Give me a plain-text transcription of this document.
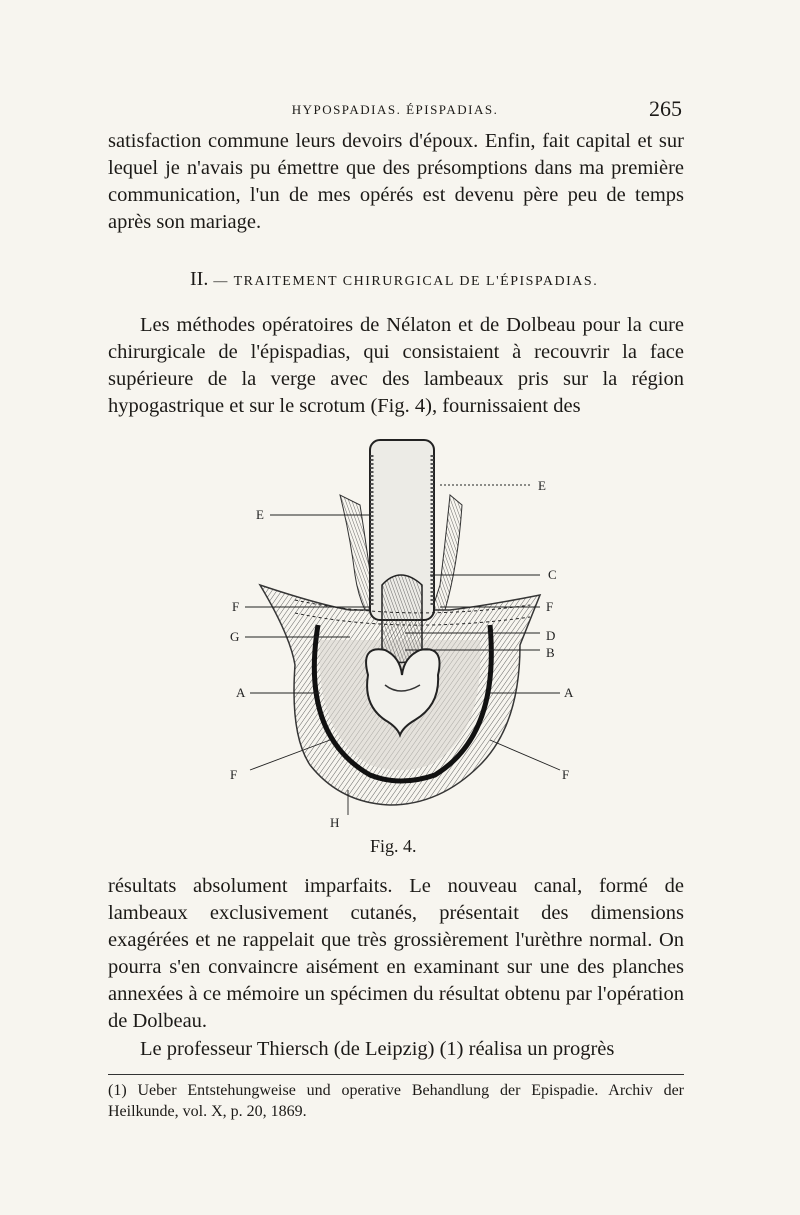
HYPOSPADIAS. ÉPISPADIAS.	265

satisfaction commune leurs devoirs d'époux. Enfin, fait capital et sur lequel je n'avais pu émettre que des présomptions dans ma première communication, l'un de mes opérés est devenu père peu de temps après son mariage.

II. — TRAITEMENT CHIRURGICAL DE L'ÉPISPADIAS.

Les méthodes opératoires de Nélaton et de Dolbeau pour la cure chirurgicale de l'épispadias, qui consistaient à recouvrir la face supérieure de la verge avec des lambeaux pris sur la région hypogastrique et sur le scrotum (Fig. 4), fournissaient des

E
E
C
F	F
G	D
B
A	A
F	F
H
Fig. 4.

résultats absolument imparfaits. Le nouveau canal, formé de lambeaux exclusivement cutanés, présentait des dimensions exagérées et ne rappelait que très grossièrement l'urèthre normal. On pourra s'en convaincre aisément en examinant sur une des planches annexées à ce mémoire un spécimen du résultat obtenu par l'opération de Dolbeau.

Le professeur Thiersch (de Leipzig) (1) réalisa un progrès

(1) Ueber Entstehungweise und operative Behandlung der Epispadie. Archiv der Heilkunde, vol. X, p. 20, 1869.
